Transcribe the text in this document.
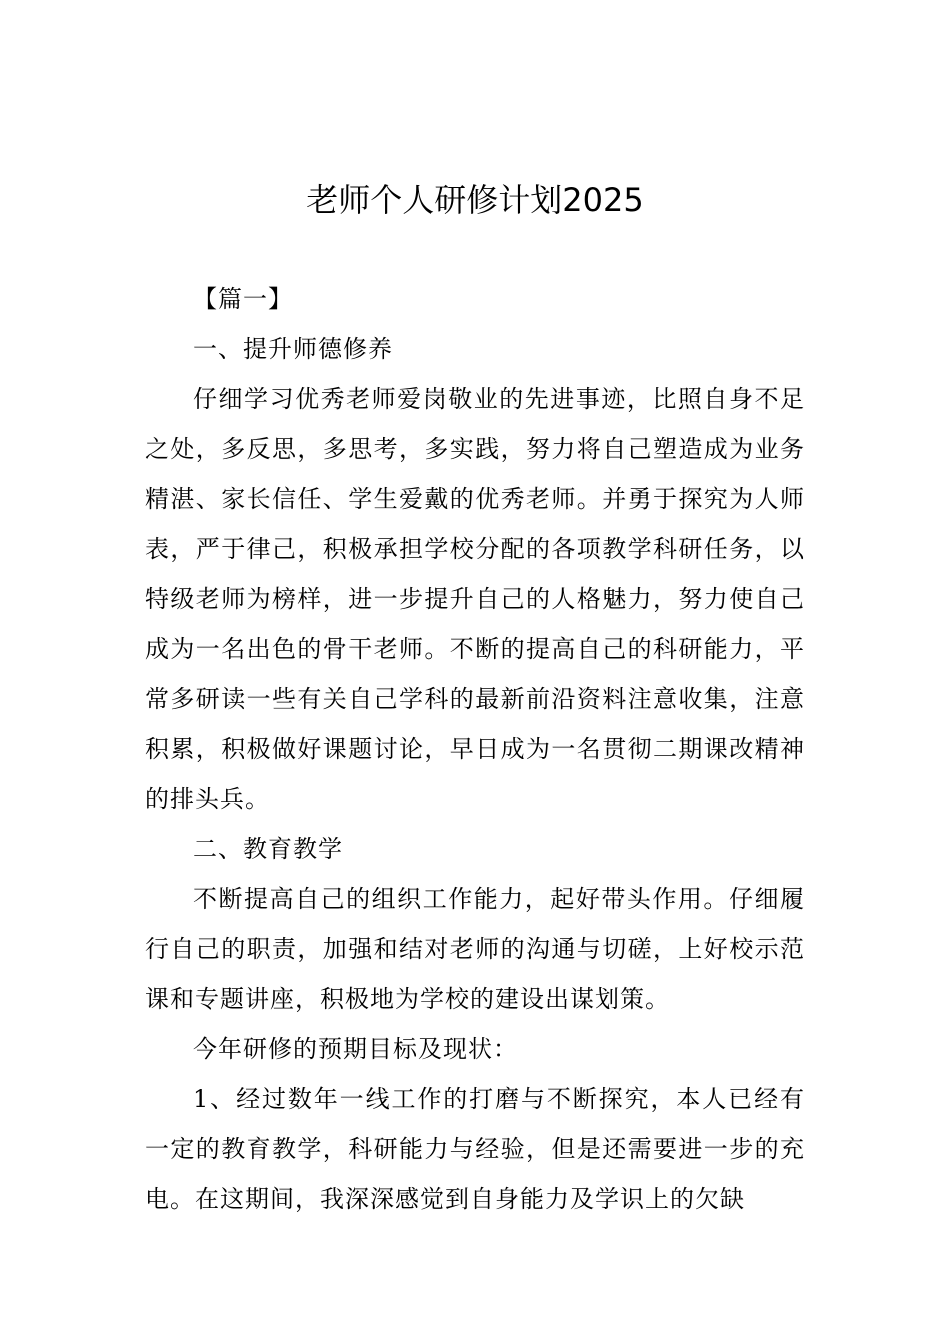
老师个人研修计划2025

【篇一】

一、提升师德修养

仔细学习优秀老师爱岗敬业的先进事迹，比照自身不足之处，多反思，多思考，多实践，努力将自己塑造成为业务精湛、家长信任、学生爱戴的优秀老师。并勇于探究为人师表，严于律己，积极承担学校分配的各项教学科研任务，以特级老师为榜样，进一步提升自己的人格魅力，努力使自己成为一名出色的骨干老师。不断的提高自己的科研能力，平常多研读一些有关自己学科的最新前沿资料注意收集，注意积累，积极做好课题讨论，早日成为一名贯彻二期课改精神的排头兵。

二、教育教学

不断提高自己的组织工作能力，起好带头作用。仔细履行自己的职责，加强和结对老师的沟通与切磋，上好校示范课和专题讲座，积极地为学校的建设出谋划策。

今年研修的预期目标及现状：

1、经过数年一线工作的打磨与不断探究，本人已经有一定的教育教学，科研能力与经验，但是还需要进一步的充电。在这期间，我深深感觉到自身能力及学识上的欠缺
